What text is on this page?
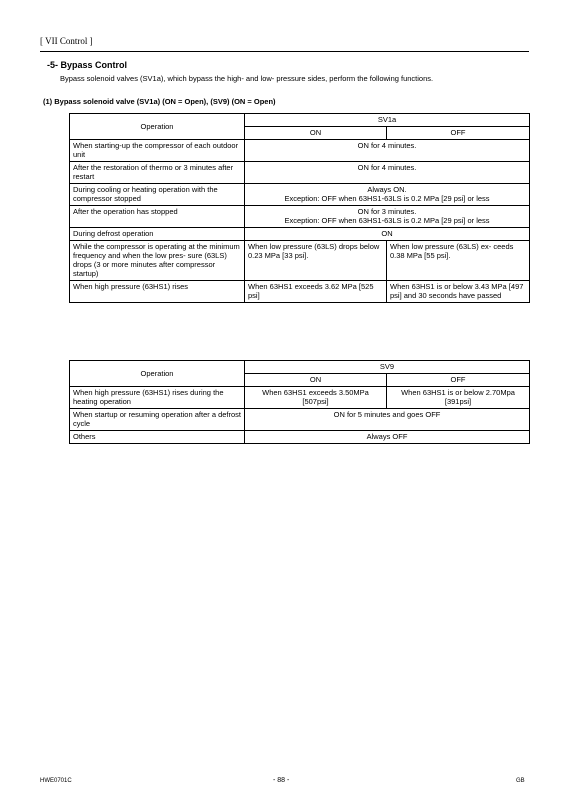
[ VII Control ]
-5- Bypass Control
Bypass solenoid valves (SV1a), which bypass the high- and low- pressure sides, perform the following functions.
(1) Bypass solenoid valve (SV1a) (ON = Open), (SV9) (ON = Open)
Operation	SV1a	
	ON	OFF
When starting-up the compressor of each outdoor unit	ON for 4 minutes.	
After the restoration of thermo or 3 minutes after restart	ON for 4 minutes.	
During cooling or heating operation with the compressor stopped	Always ON.
Exception: OFF when 63HS1-63LS is 0.2 MPa [29 psi] or less	

After the operation has stopped	ON for 3 minutes.
Exception: OFF when 63HS1-63LS is 0.2 MPa [29 psi] or less	

During defrost operation	ON	
While the compressor is operating at the minimum frequency and when the low pres- sure (63LS) drops (3 or more minutes after compressor startup)	When low pressure (63LS) drops below 0.23 MPa [33 psi].	When low pressure (63LS) ex- ceeds 0.38 MPa [55 psi].
When high pressure (63HS1) rises	When 63HS1 exceeds 3.62 MPa [525 psi]	When 63HS1 is or below 3.43 MPa [497 psi] and 30 seconds have passed
Operation	SV9	
	ON	OFF
When high pressure (63HS1) rises during the heating operation	When 63HS1 exceeds 3.50MPa [507psi]	When 63HS1 is or below 2.70Mpa [391psi]
When startup or resuming operation after a defrost cycle	ON for 5 minutes and goes OFF	
Others	Always OFF	
HWE0701C	- 88 -	GB
